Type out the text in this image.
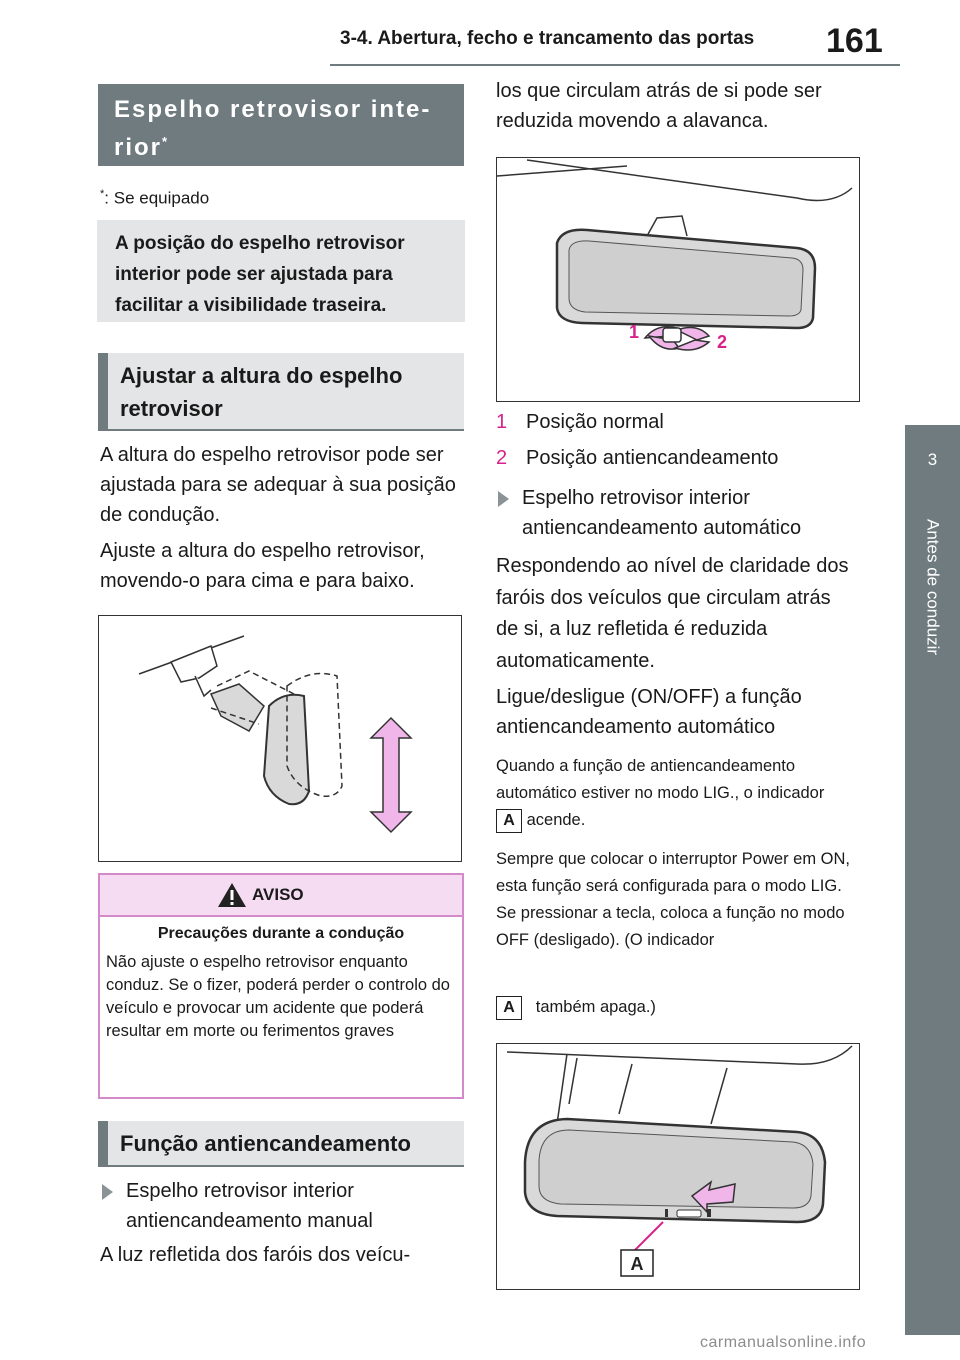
3-4. Abertura, fecho e trancamento das portas 161
3
Antes de conduzir
Espelho retrovisor inte-rior*
*: Se equipado
A posição do espelho retrovisor interior pode ser ajustada para facilitar a visibilidade traseira.
Ajustar a altura do espelho retrovisor
A altura do espelho retrovisor pode ser ajustada para se adequar à sua posição de condução.
Ajuste a altura do espelho retrovisor, movendo-o para cima e para baixo.
AVISO
Precauções durante a condução
Não ajuste o espelho retrovisor enquanto conduz. Se o fizer, poderá perder o controlo do veículo e provocar um acidente que poderá resultar em morte ou ferimentos graves
Função antiencandeamento
Espelho retrovisor interior antiencandeamento manual
A luz refletida dos faróis dos veícu-
los que circulam atrás de si pode ser reduzida movendo a alavanca.
1	2
1 Posição normal
2 Posição antiencandeamento
Espelho retrovisor interior antiencandeamento automático
Respondendo ao nível de claridade dos faróis dos veículos que circulam atrás de si, a luz refletida é reduzida automaticamente.
Ligue/desligue (ON/OFF) a função antiencandeamento automático
Quando a função de antiencandeamento automático estiver no modo LIG., o indicador A acende.
Sempre que colocar o interruptor Power em ON, esta função será configurada para o modo LIG. Se pressionar a tecla, coloca a função no modo OFF (desligado). (O indicador
A também apaga.)
A
carmanualsonline.info
